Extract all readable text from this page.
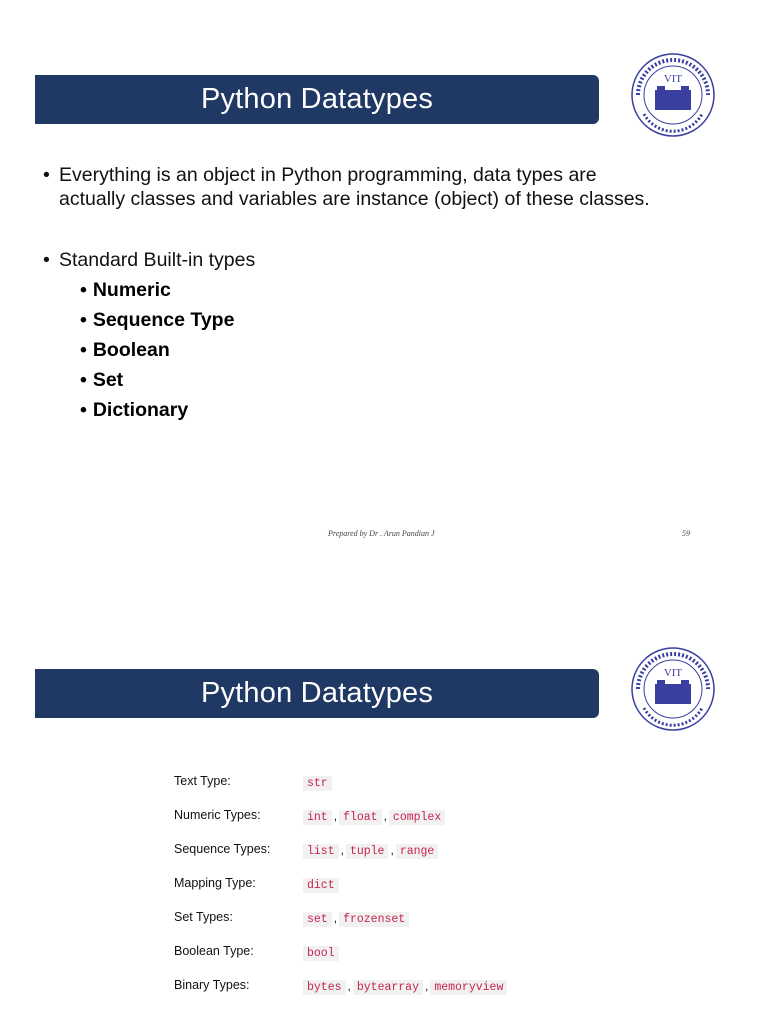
Python Datatypes
VIT
• Everything is an object in Python programming, data types are
actually classes and variables are instance (object) of these classes.
• Standard Built-in types
• Numeric
• Sequence Type
• Boolean
• Set
• Dictionary
Prepared by Dr . Arun Pandian J	59
Python Datatypes
VIT
Text Type:	str
Numeric Types:	int , float , complex
Sequence Types:	list , tuple , range
Mapping Type:	dict
Set Types:	set , frozenset
Boolean Type:	bool
Binary Types:	bytes , bytearray , memoryview
